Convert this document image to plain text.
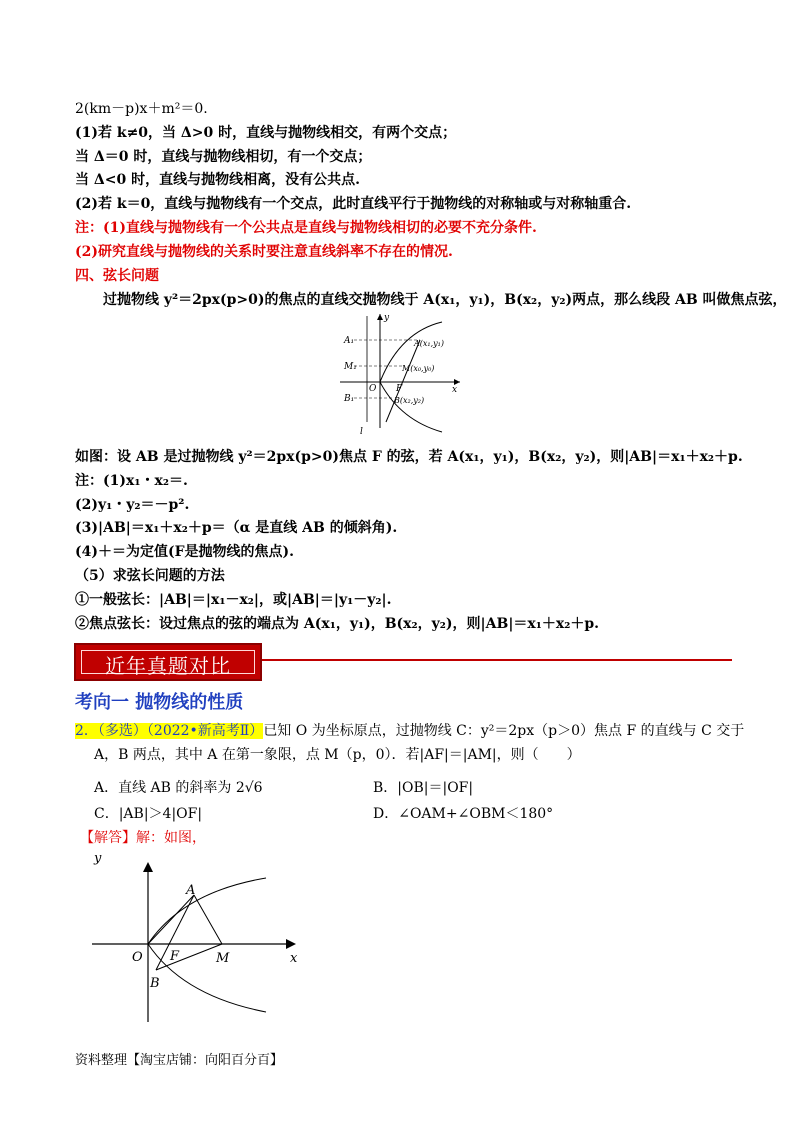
2(km－p)x＋m²＝0.
(1)若 k≠0，当 Δ>0 时，直线与抛物线相交，有两个交点；
当 Δ＝0 时，直线与抛物线相切，有一个交点；
当 Δ<0 时，直线与抛物线相离，没有公共点.
(2)若 k＝0，直线与抛物线有一个交点，此时直线平行于抛物线的对称轴或与对称轴重合.
注：(1)直线与抛物线有一个公共点是直线与抛物线相切的必要不充分条件.
(2)研究直线与抛物线的关系时要注意直线斜率不存在的情况.
四、弦长问题
过抛物线 y²＝2px(p>0)的焦点的直线交抛物线于 A(x₁，y₁)，B(x₂，y₂)两点，那么线段 AB 叫做焦点弦，
y
x
A₁
M₁
B₁
O F
l
A(x₁,y₁)
M(x₀,y₀)
B(x₂,y₂)
如图：设 AB 是过抛物线 y²＝2px(p>0)焦点 F 的弦，若 A(x₁，y₁)，B(x₂，y₂)，则|AB|＝x₁＋x₂＋p.
注：(1)x₁・x₂＝.
(2)y₁・y₂＝－p².
(3)|AB|＝x₁＋x₂＋p＝（α 是直线 AB 的倾斜角).
(4)＋＝为定值(F是抛物线的焦点).
（5）求弦长问题的方法
①一般弦长：|AB|＝|x₁－x₂|，或|AB|＝|y₁－y₂|.
②焦点弦长：设过焦点的弦的端点为 A(x₁，y₁)，B(x₂，y₂)，则|AB|＝x₁＋x₂＋p.
近年真题对比
考向一 抛物线的性质
2．（多选）（2022•新高考Ⅱ）已知 O 为坐标原点，过抛物线 C：y²＝2px（p＞0）焦点 F 的直线与 C 交于
A，B 两点，其中 A 在第一象限，点 M（p，0）．若|AF|＝|AM|，则（　　）
A．直线 AB 的斜率为 2√6	B．|OB|＝|OF|
C．|AB|＞4|OF|	D．∠OAM+∠OBM＜180°
【解答】解：如图，
y
x
O
A
F	M
B
资料整理【淘宝店铺：向阳百分百】
